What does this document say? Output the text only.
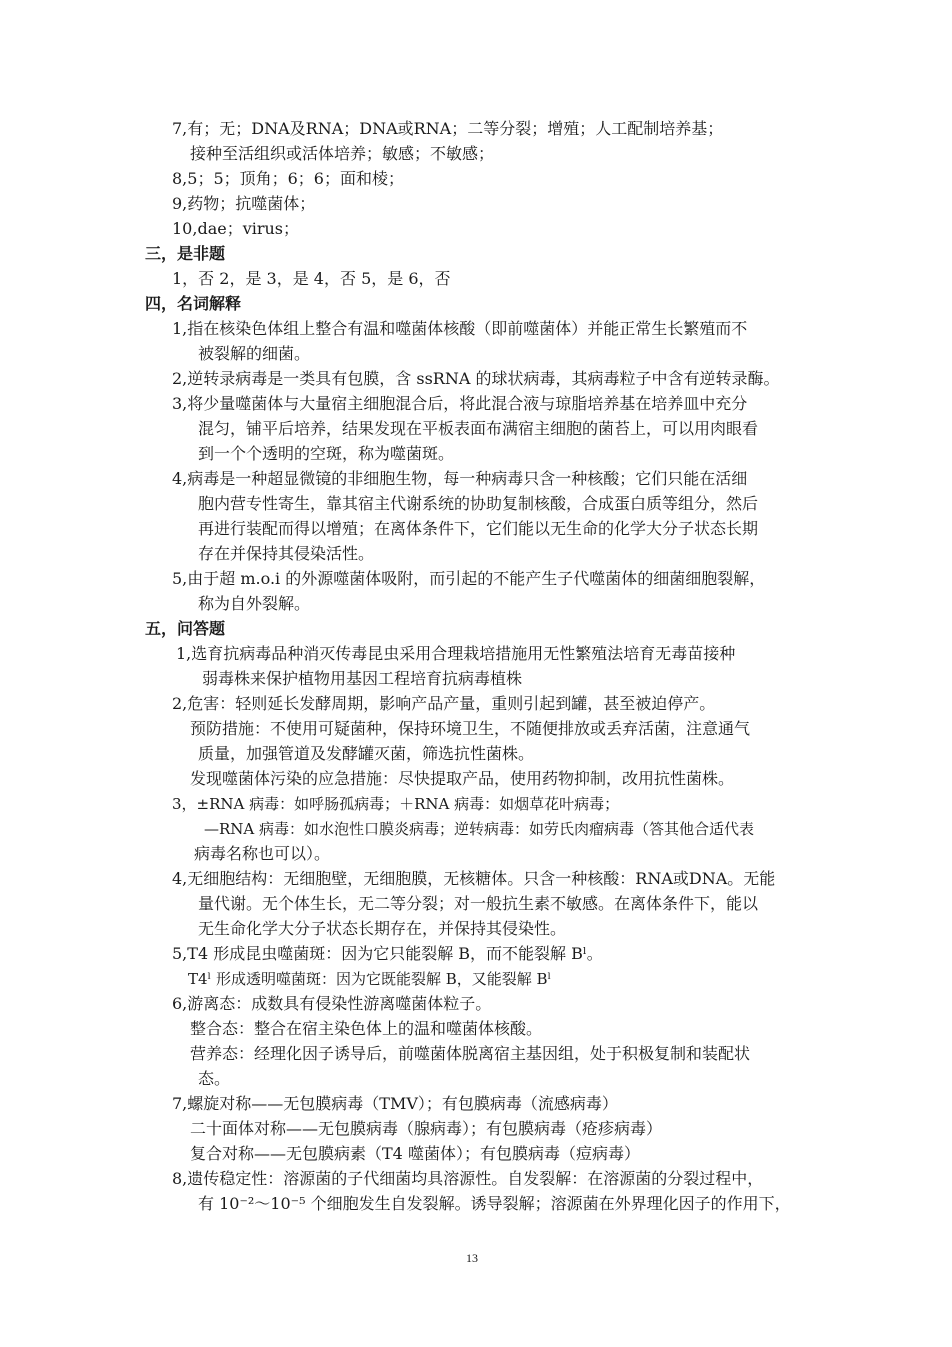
7,有；无；DNA及RNA；DNA或RNA；二等分裂；增殖；人工配制培养基；
接种至活组织或活体培养；敏感；不敏感；
8,5；5；顶角；6；6；面和棱；
9,药物；抗噬菌体；
10,dae；virus；
三，是非题
1，否 2，是 3，是 4，否 5，是 6，否
四，名词解释
1,指在核染色体组上整合有温和噬菌体核酸（即前噬菌体）并能正常生长繁殖而不
被裂解的细菌。
2,逆转录病毒是一类具有包膜，含 ssRNA 的球状病毒，其病毒粒子中含有逆转录酶。
3,将少量噬菌体与大量宿主细胞混合后，将此混合液与琼脂培养基在培养皿中充分
混匀，铺平后培养，结果发现在平板表面布满宿主细胞的菌苔上，可以用肉眼看
到一个个透明的空斑，称为噬菌斑。
4,病毒是一种超显微镜的非细胞生物，每一种病毒只含一种核酸；它们只能在活细
胞内营专性寄生，靠其宿主代谢系统的协助复制核酸，合成蛋白质等组分，然后
再进行装配而得以增殖；在离体条件下，它们能以无生命的化学大分子状态长期
存在并保持其侵染活性。
5,由于超 m.o.i 的外源噬菌体吸附，而引起的不能产生子代噬菌体的细菌细胞裂解，
称为自外裂解。
五，问答题
1,选育抗病毒品种消灭传毒昆虫采用合理栽培措施用无性繁殖法培育无毒苗接种
弱毒株来保护植物用基因工程培育抗病毒植株
2,危害：轻则延长发酵周期，影响产品产量，重则引起到罐，甚至被迫停产。
预防措施：不使用可疑菌种，保持环境卫生，不随便排放或丢弃活菌，注意通气
质量，加强管道及发酵罐灭菌，筛选抗性菌株。
发现噬菌体污染的应急措施：尽快提取产品，使用药物抑制，改用抗性菌株。
3，±RNA 病毒：如呼肠孤病毒；＋RNA 病毒：如烟草花叶病毒；
—RNA 病毒：如水泡性口膜炎病毒；逆转病毒：如劳氏肉瘤病毒（答其他合适代表
病毒名称也可以）。
4,无细胞结构：无细胞壁，无细胞膜，无核糖体。只含一种核酸：RNA或DNA。无能
量代谢。无个体生长，无二等分裂；对一般抗生素不敏感。在离体条件下，能以
无生命化学大分子状态长期存在，并保持其侵染性。
5,T4 形成昆虫噬菌斑：因为它只能裂解 B，而不能裂解 Bˡ。
T4ˡ 形成透明噬菌斑：因为它既能裂解 B，又能裂解 Bˡ
6,游离态：成数具有侵染性游离噬菌体粒子。
整合态：整合在宿主染色体上的温和噬菌体核酸。
营养态：经理化因子诱导后，前噬菌体脱离宿主基因组，处于积极复制和装配状
态。
7,螺旋对称——无包膜病毒（TMV）；有包膜病毒（流感病毒）
二十面体对称——无包膜病毒（腺病毒）；有包膜病毒（疮疹病毒）
复合对称——无包膜病素（T4 噬菌体）；有包膜病毒（痘病毒）
8,遗传稳定性：溶源菌的子代细菌均具溶源性。自发裂解：在溶源菌的分裂过程中，
有 10⁻²～10⁻⁵ 个细胞发生自发裂解。诱导裂解；溶源菌在外界理化因子的作用下，
13
